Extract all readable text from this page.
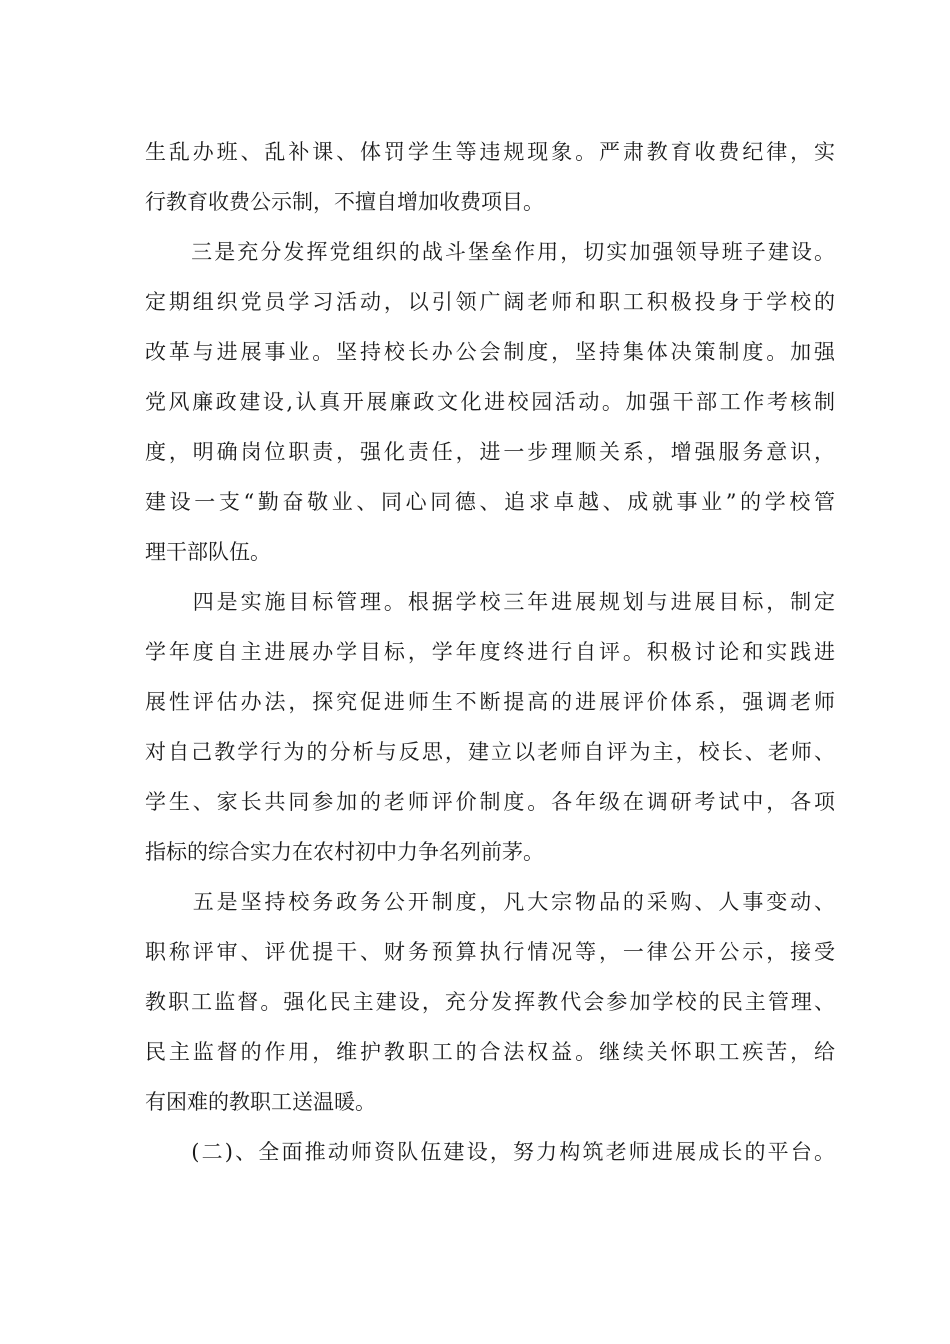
生乱办班、乱补课、体罚学生等违规现象。严肃教育收费纪律，实
行教育收费公示制，不擅自增加收费项目。
　　三是充分发挥党组织的战斗堡垒作用，切实加强领导班子建设。
定期组织党员学习活动，以引领广阔老师和职工积极投身于学校的
改革与进展事业。坚持校长办公会制度，坚持集体决策制度。加强
党风廉政建设,认真开展廉政文化进校园活动。加强干部工作考核制
度，明确岗位职责，强化责任，进一步理顺关系，增强服务意识，
建设一支“勤奋敬业、同心同德、追求卓越、成就事业”的学校管
理干部队伍。
　　四是实施目标管理。根据学校三年进展规划与进展目标，制定
学年度自主进展办学目标，学年度终进行自评。积极讨论和实践进
展性评估办法，探究促进师生不断提高的进展评价体系，强调老师
对自己教学行为的分析与反思，建立以老师自评为主，校长、老师、
学生、家长共同参加的老师评价制度。各年级在调研考试中，各项
指标的综合实力在农村初中力争名列前茅。
　　五是坚持校务政务公开制度，凡大宗物品的采购、人事变动、
职称评审、评优提干、财务预算执行情况等，一律公开公示，接受
教职工监督。强化民主建设，充分发挥教代会参加学校的民主管理、
民主监督的作用，维护教职工的合法权益。继续关怀职工疾苦，给
有困难的教职工送温暖。
　　(二)、全面推动师资队伍建设，努力构筑老师进展成长的平台。
